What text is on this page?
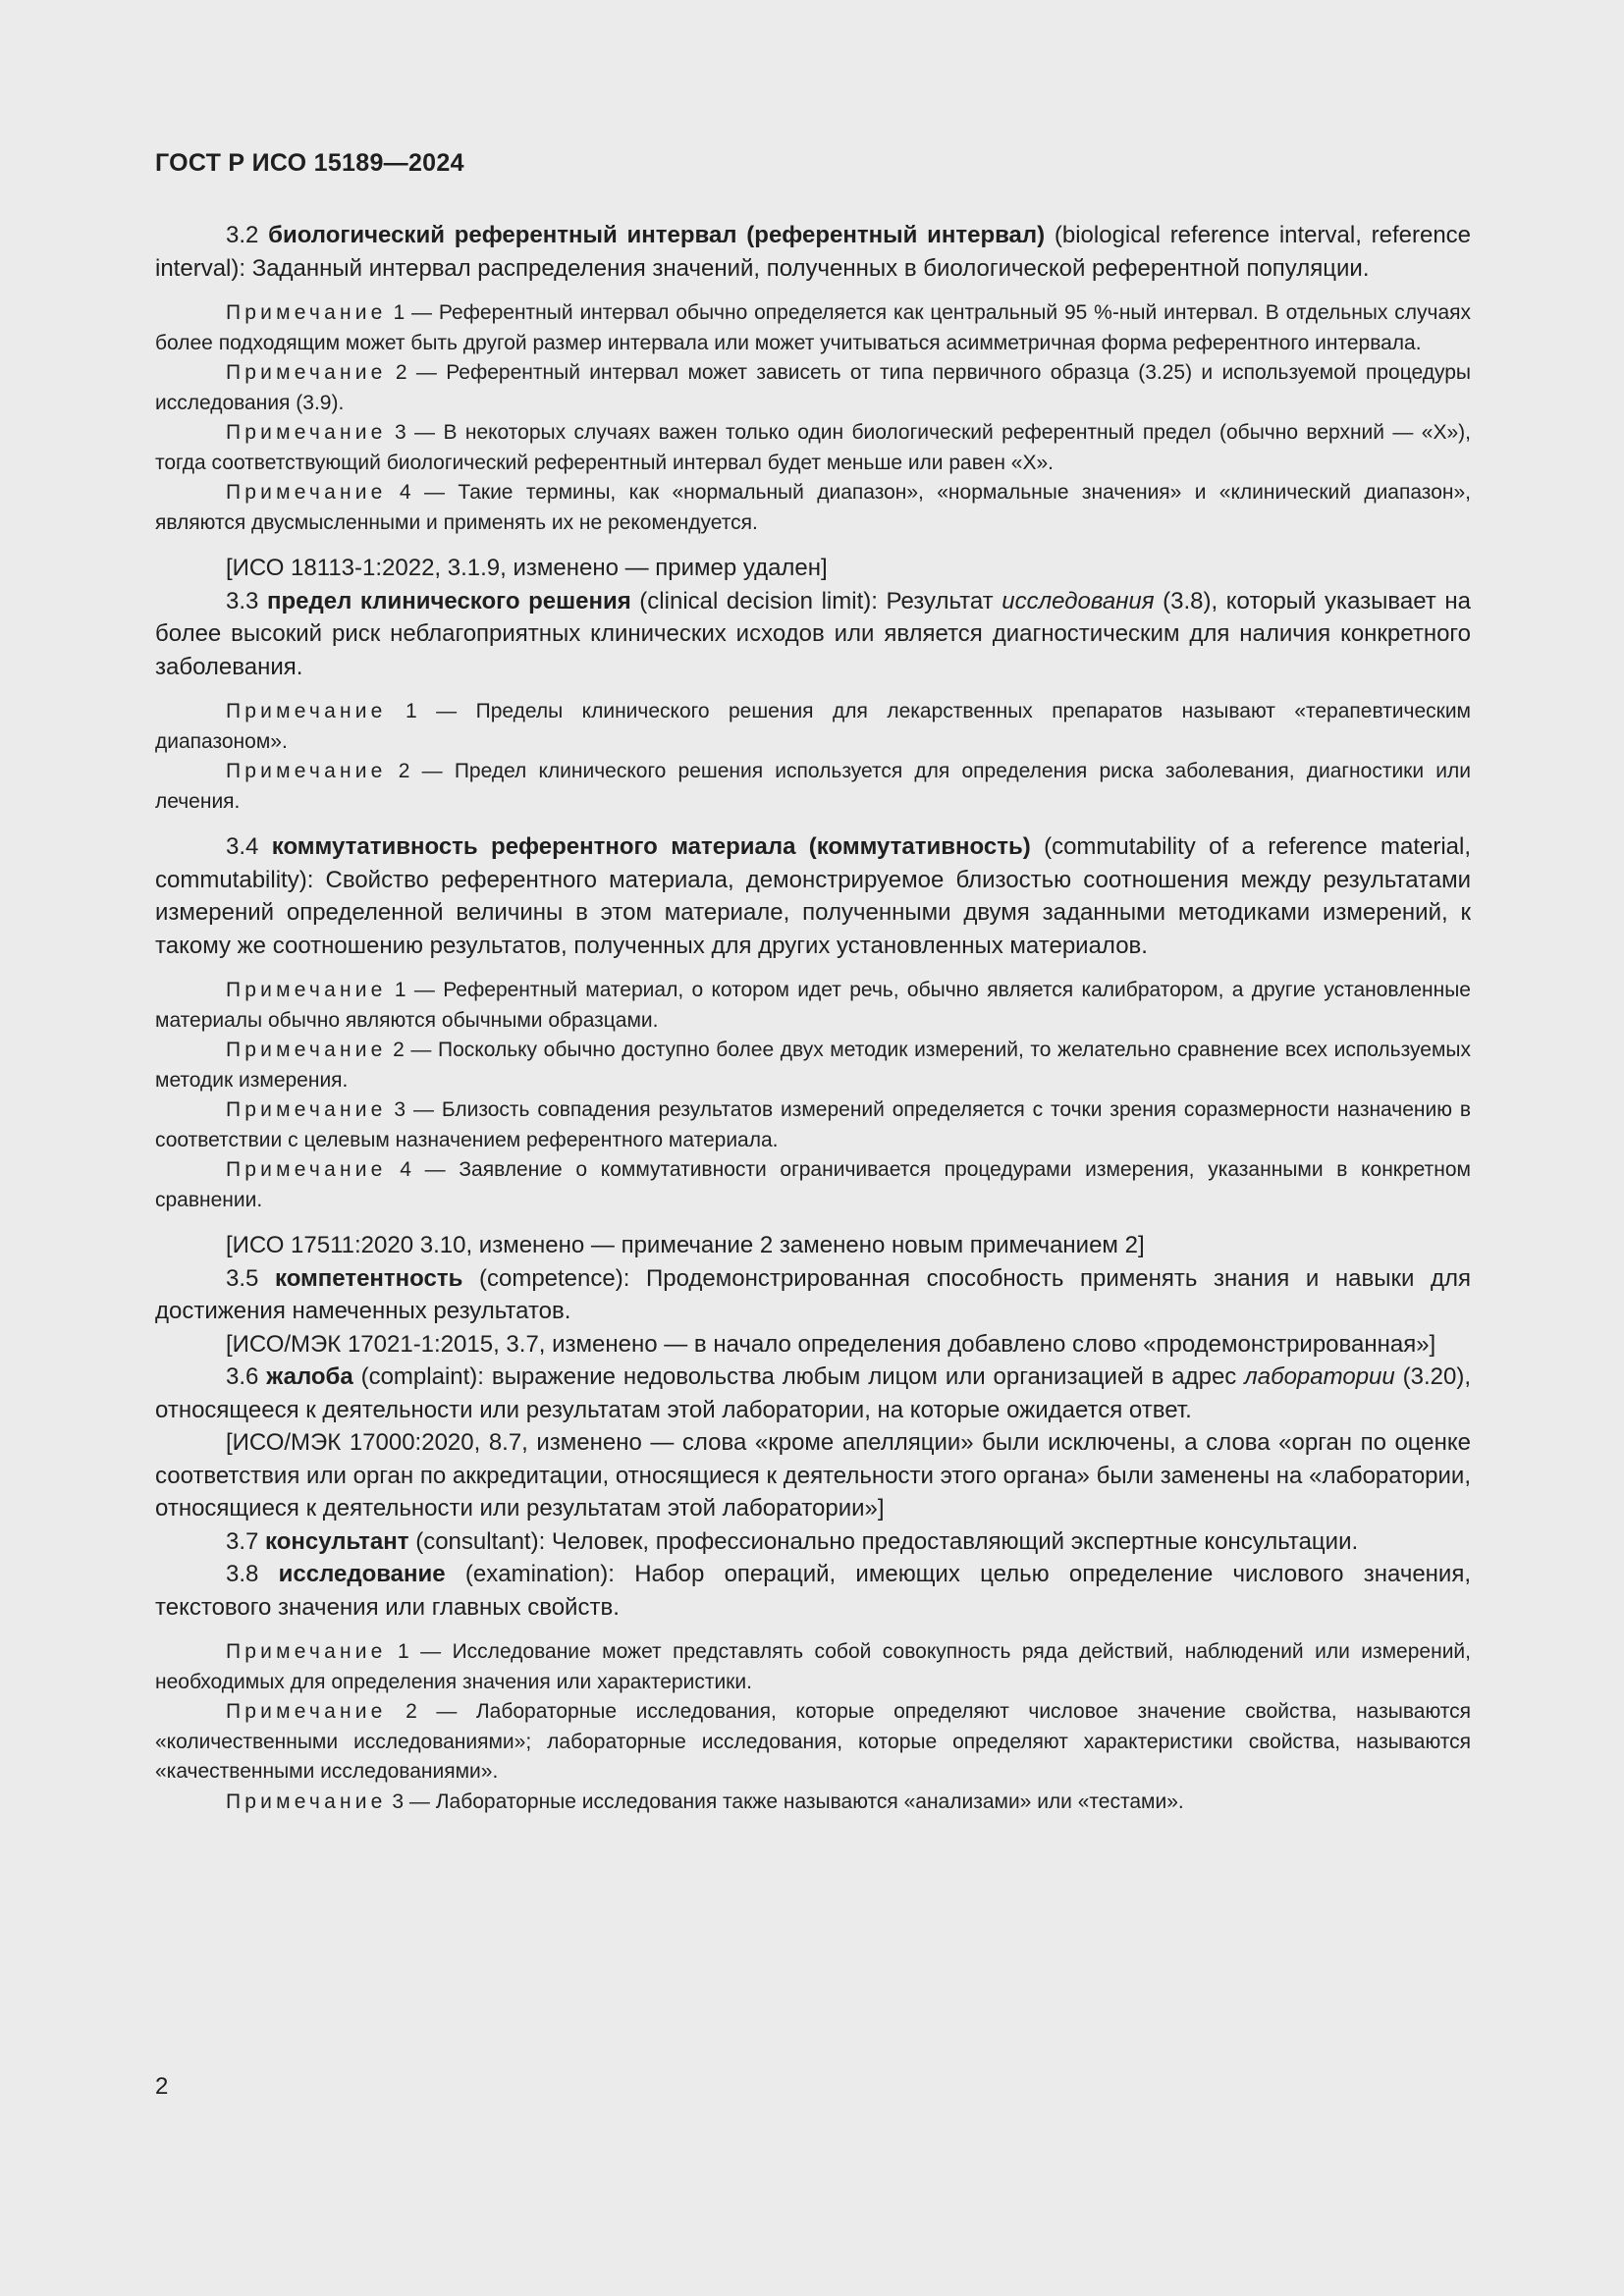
ГОСТ Р ИСО 15189—2024
3.2 биологический референтный интервал (референтный интервал) (biological reference interval, reference interval): Заданный интервал распределения значений, полученных в биологической референтной популяции.
Примечание 1 — Референтный интервал обычно определяется как центральный 95 %-ный интервал. В отдельных случаях более подходящим может быть другой размер интервала или может учитываться асимметричная форма референтного интервала.
Примечание 2 — Референтный интервал может зависеть от типа первичного образца (3.25) и используемой процедуры исследования (3.9).
Примечание 3 — В некоторых случаях важен только один биологический референтный предел (обычно верхний — «X»), тогда соответствующий биологический референтный интервал будет меньше или равен «X».
Примечание 4 — Такие термины, как «нормальный диапазон», «нормальные значения» и «клинический диапазон», являются двусмысленными и применять их не рекомендуется.
[ИСО 18113-1:2022, 3.1.9, изменено — пример удален]
3.3 предел клинического решения (clinical decision limit): Результат исследования (3.8), который указывает на более высокий риск неблагоприятных клинических исходов или является диагностическим для наличия конкретного заболевания.
Примечание 1 — Пределы клинического решения для лекарственных препаратов называют «терапевтическим диапазоном».
Примечание 2 — Предел клинического решения используется для определения риска заболевания, диагностики или лечения.
3.4 коммутативность референтного материала (коммутативность) (commutability of a reference material, commutability): Свойство референтного материала, демонстрируемое близостью соотношения между результатами измерений определенной величины в этом материале, полученными двумя заданными методиками измерений, к такому же соотношению результатов, полученных для других установленных материалов.
Примечание 1 — Референтный материал, о котором идет речь, обычно является калибратором, а другие установленные материалы обычно являются обычными образцами.
Примечание 2 — Поскольку обычно доступно более двух методик измерений, то желательно сравнение всех используемых методик измерения.
Примечание 3 — Близость совпадения результатов измерений определяется с точки зрения соразмерности назначению в соответствии с целевым назначением референтного материала.
Примечание 4 — Заявление о коммутативности ограничивается процедурами измерения, указанными в конкретном сравнении.
[ИСО 17511:2020 3.10, изменено — примечание 2 заменено новым примечанием 2]
3.5 компетентность (competence): Продемонстрированная способность применять знания и навыки для достижения намеченных результатов.
[ИСО/МЭК 17021-1:2015, 3.7, изменено — в начало определения добавлено слово «продемонстрированная»]
3.6 жалоба (complaint): выражение недовольства любым лицом или организацией в адрес лаборатории (3.20), относящееся к деятельности или результатам этой лаборатории, на которые ожидается ответ.
[ИСО/МЭК 17000:2020, 8.7, изменено — слова «кроме апелляции» были исключены, а слова «орган по оценке соответствия или орган по аккредитации, относящиеся к деятельности этого органа» были заменены на «лаборатории, относящиеся к деятельности или результатам этой лаборатории»]
3.7 консультант (consultant): Человек, профессионально предоставляющий экспертные консультации.
3.8 исследование (examination): Набор операций, имеющих целью определение числового значения, текстового значения или главных свойств.
Примечание 1 — Исследование может представлять собой совокупность ряда действий, наблюдений или измерений, необходимых для определения значения или характеристики.
Примечание 2 — Лабораторные исследования, которые определяют числовое значение свойства, называются «количественными исследованиями»; лабораторные исследования, которые определяют характеристики свойства, называются «качественными исследованиями».
Примечание 3 — Лабораторные исследования также называются «анализами» или «тестами».
2
